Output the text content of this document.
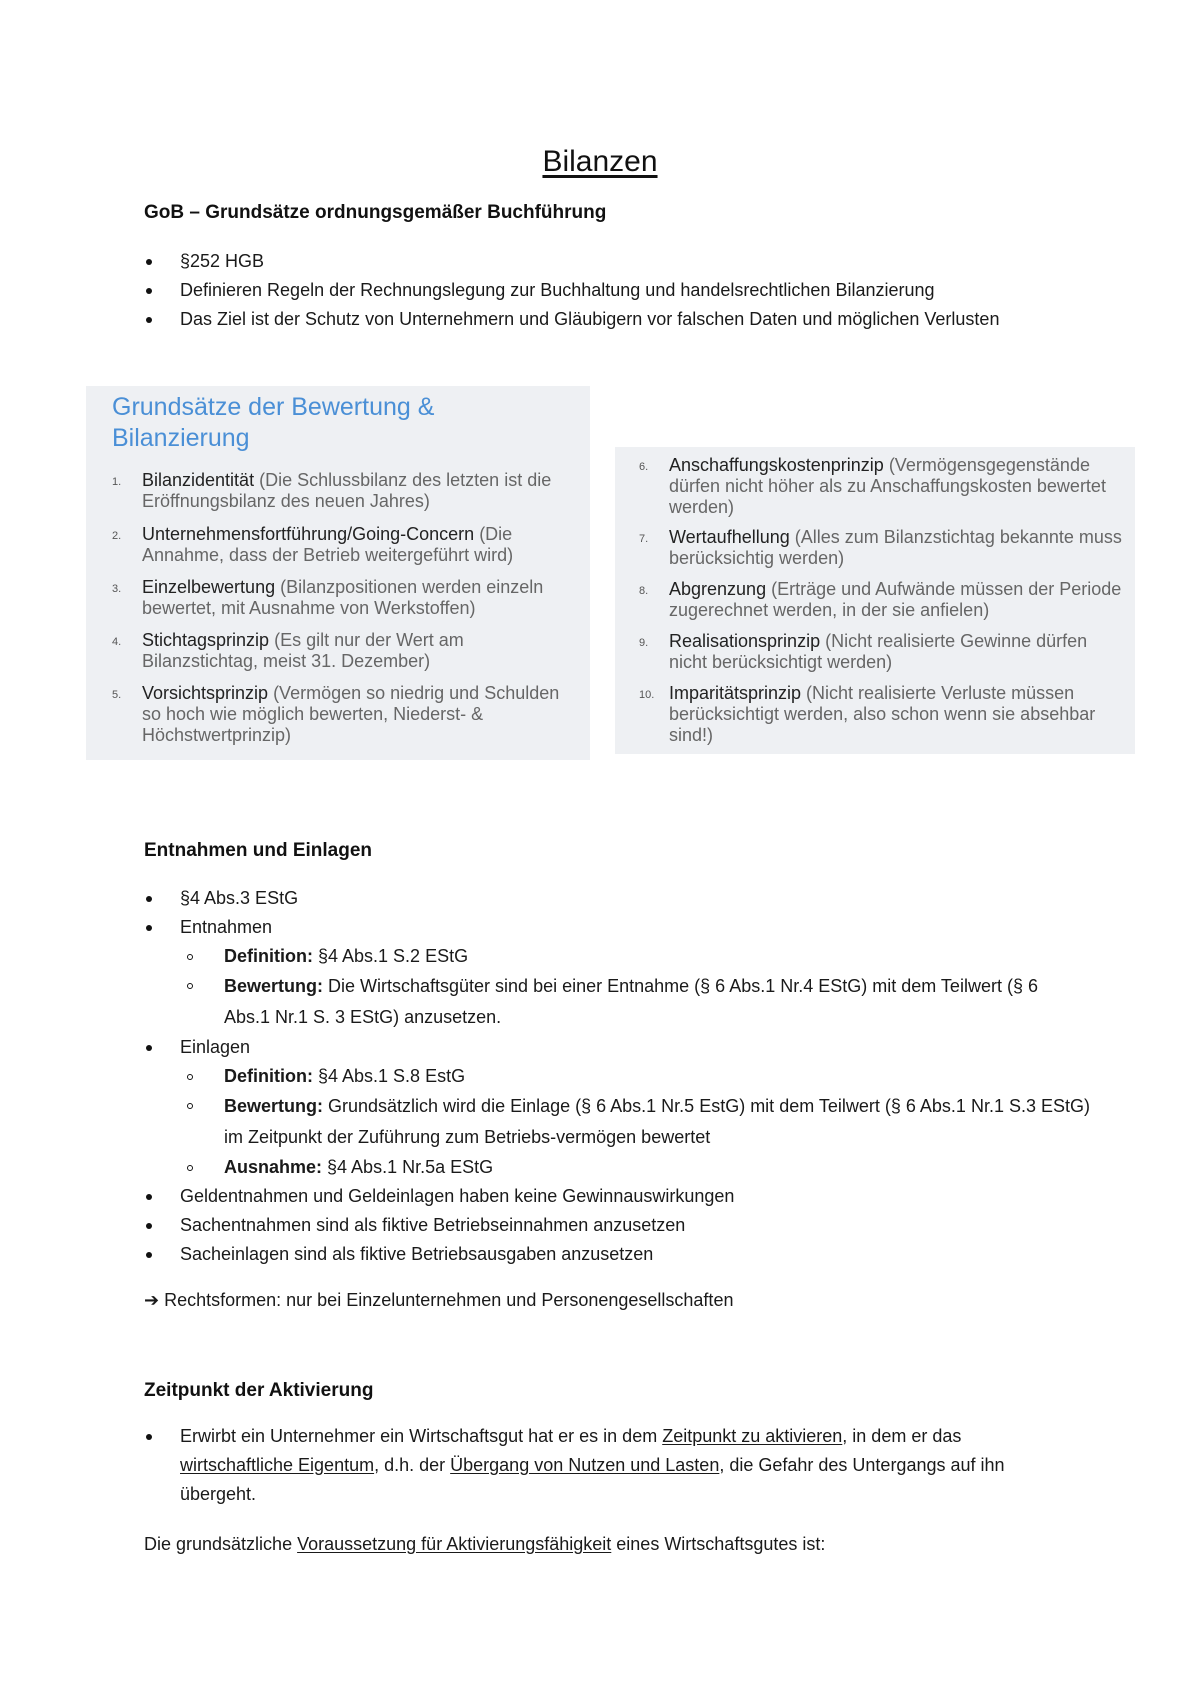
Bilanzen
GoB – Grundsätze ordnungsgemäßer Buchführung
§252 HGB
Definieren Regeln der Rechnungslegung zur Buchhaltung und handelsrechtlichen Bilanzierung
Das Ziel ist der Schutz von Unternehmern und Gläubigern vor falschen Daten und möglichen Verlusten
Grundsätze der Bewertung & Bilanzierung
1. Bilanzidentität (Die Schlussbilanz des letzten ist die Eröffnungsbilanz des neuen Jahres)
2. Unternehmensfortführung/Going-Concern (Die Annahme, dass der Betrieb weitergeführt wird)
3. Einzelbewertung (Bilanzpositionen werden einzeln bewertet, mit Ausnahme von Werkstoffen)
4. Stichtagsprinzip (Es gilt nur der Wert am Bilanzstichtag, meist 31. Dezember)
5. Vorsichtsprinzip (Vermögen so niedrig und Schulden so hoch wie möglich bewerten, Niederst- & Höchstwertprinzip)
6. Anschaffungskostenprinzip (Vermögensgegenstände dürfen nicht höher als zu Anschaffungskosten bewertet werden)
7. Wertaufhellung (Alles zum Bilanzstichtag bekannte muss berücksichtig werden)
8. Abgrenzung (Erträge und Aufwände müssen der Periode zugerechnet werden, in der sie anfielen)
9. Realisationsprinzip (Nicht realisierte Gewinne dürfen nicht berücksichtigt werden)
10. Imparitätsprinzip (Nicht realisierte Verluste müssen berücksichtigt werden, also schon wenn sie absehbar sind!)
Entnahmen und Einlagen
§4 Abs.3 EStG
Entnahmen
Definition: §4 Abs.1 S.2 EStG
Bewertung: Die Wirtschaftsgüter sind bei einer Entnahme (§ 6 Abs.1 Nr.4 EStG) mit dem Teilwert (§ 6 Abs.1 Nr.1 S. 3 EStG) anzusetzen.
Einlagen
Definition: §4 Abs.1 S.8 EstG
Bewertung: Grundsätzlich wird die Einlage (§ 6 Abs.1 Nr.5 EstG) mit dem Teilwert (§ 6 Abs.1 Nr.1 S.3 EStG) im Zeitpunkt der Zuführung zum Betriebs-vermögen bewertet
Ausnahme: §4 Abs.1 Nr.5a EStG
Geldentnahmen und Geldeinlagen haben keine Gewinnauswirkungen
Sachentnahmen sind als fiktive Betriebseinnahmen anzusetzen
Sacheinlagen sind als fiktive Betriebsausgaben anzusetzen
➔ Rechtsformen: nur bei Einzelunternehmen und Personengesellschaften
Zeitpunkt der Aktivierung
Erwirbt ein Unternehmer ein Wirtschaftsgut hat er es in dem Zeitpunkt zu aktivieren, in dem er das wirtschaftliche Eigentum, d.h. der Übergang von Nutzen und Lasten, die Gefahr des Untergangs auf ihn übergeht.
Die grundsätzliche Voraussetzung für Aktivierungsfähigkeit eines Wirtschaftsgutes ist:
